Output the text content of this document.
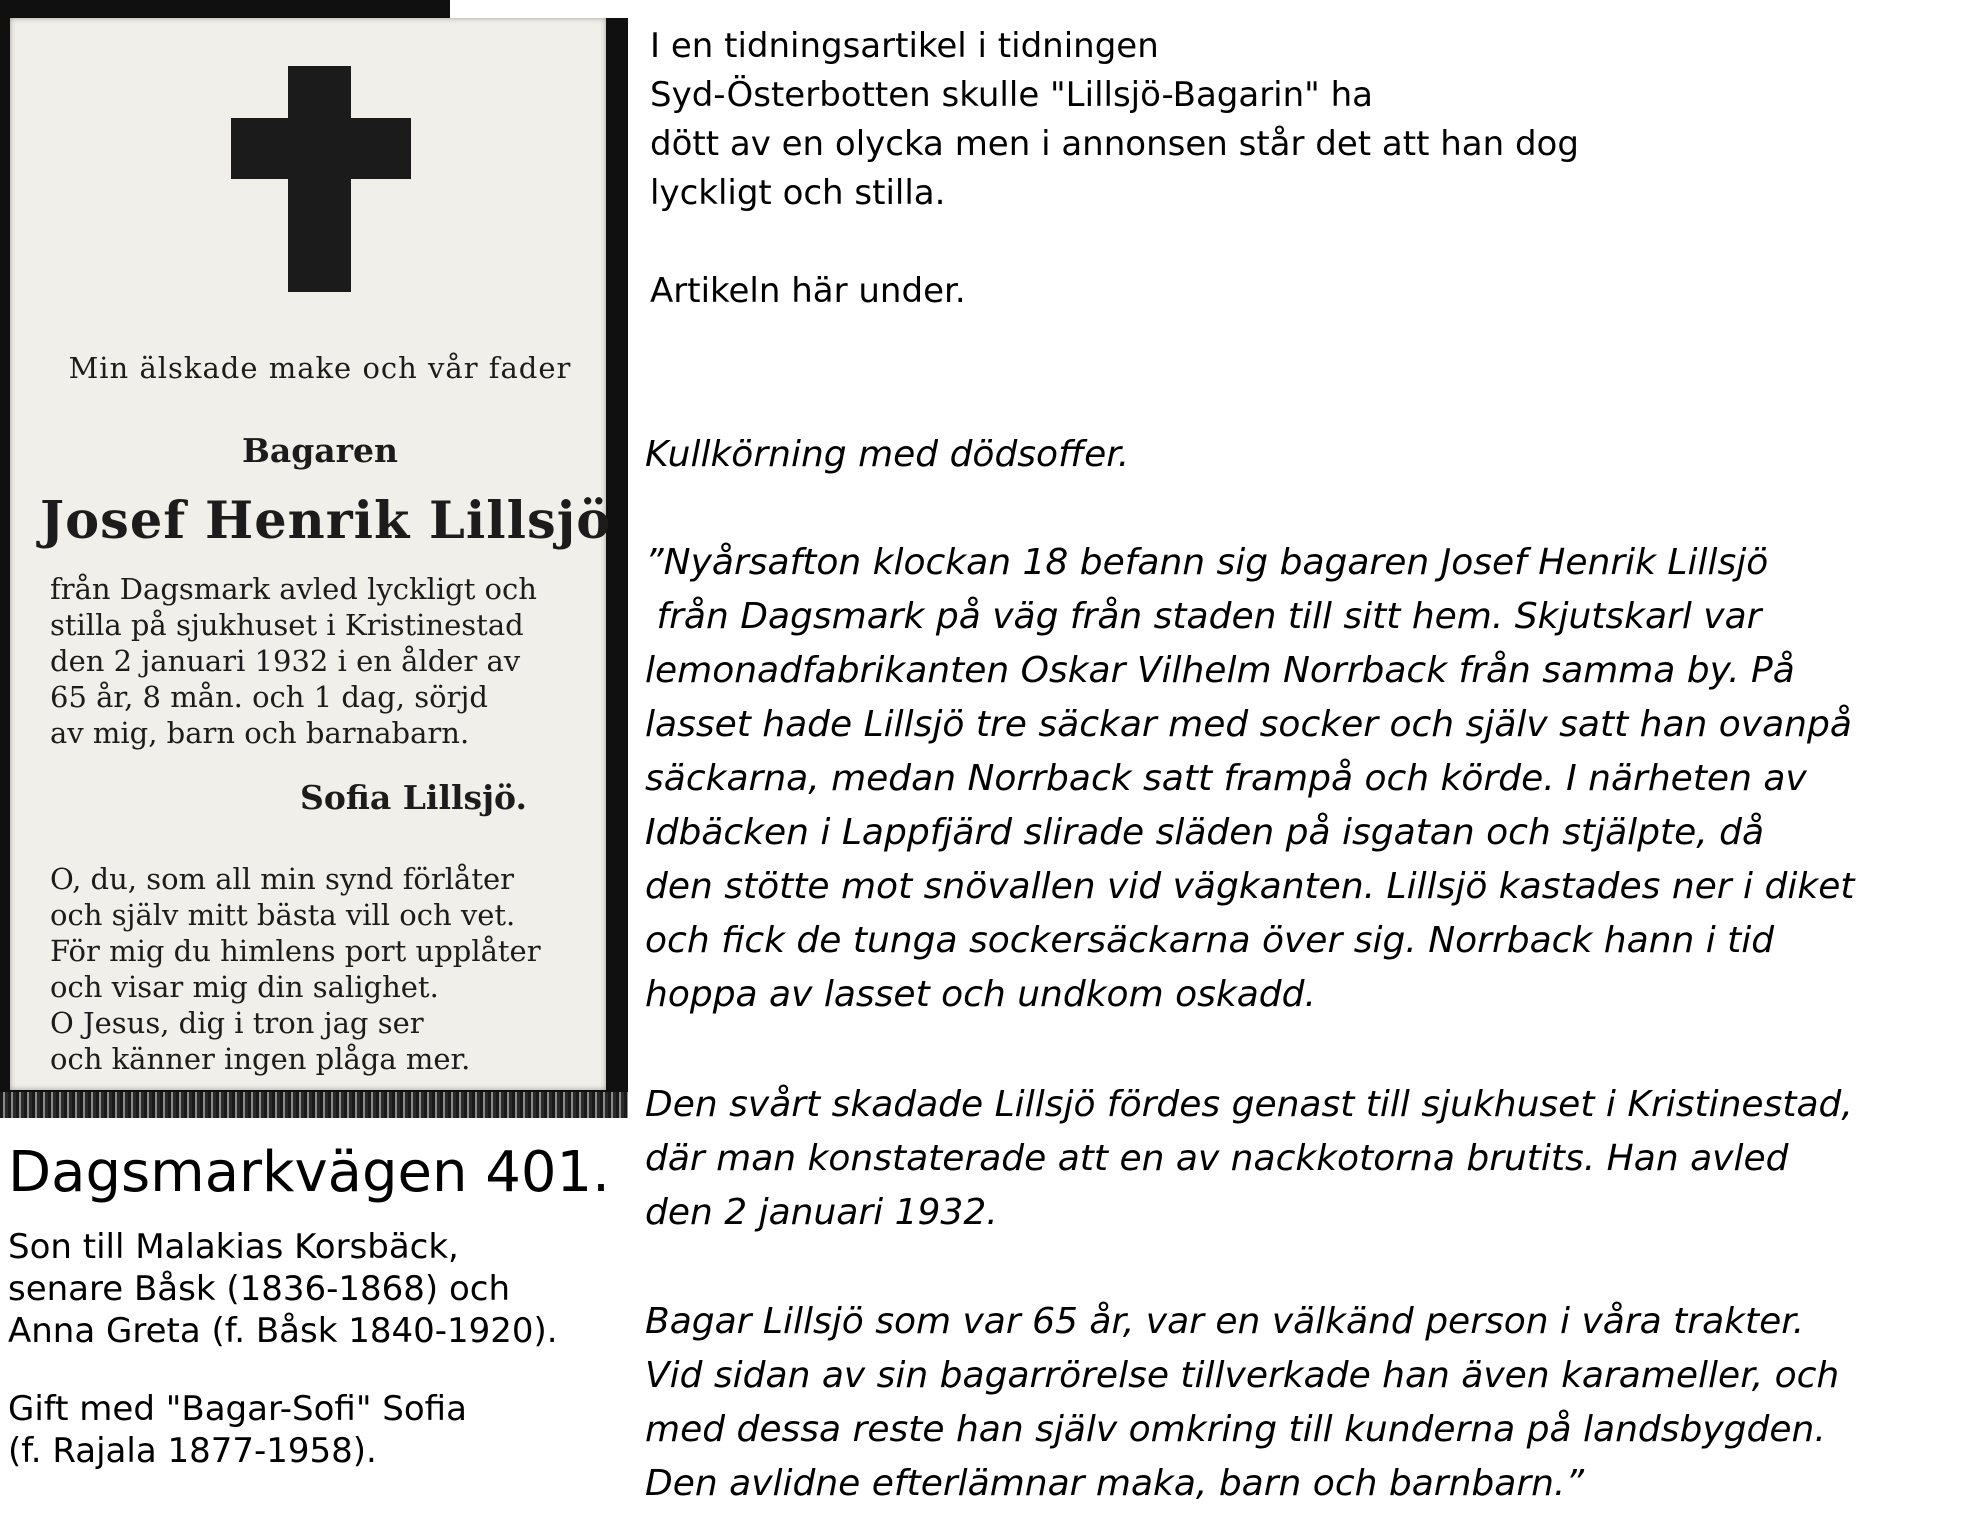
Min älskade make och vår fader
Bagaren
Josef Henrik Lillsjö
från Dagsmark avled lyckligt och
stilla på sjukhuset i Kristinestad
den 2 januari 1932 i en ålder av
65 år, 8 mån. och 1 dag, sörjd
av mig, barn och barnabarn.
Sofia Lillsjö.
O, du, som all min synd förlåter
och själv mitt bästa vill och vet.
För mig du himlens port upplåter
och visar mig din salighet.
O Jesus, dig i tron jag ser
och känner ingen plåga mer.
Dagsmarkvägen 401.
Son till Malakias Korsbäck,
senare Båsk (1836-1868) och
Anna Greta (f. Båsk 1840-1920).
Gift med "Bagar-Sofi" Sofia
(f. Rajala 1877-1958).
I en tidningsartikel i tidningen
Syd-Österbotten skulle "Lillsjö-Bagarin" ha
dött av en olycka men i annonsen står det att han dog
lyckligt och stilla.

Artikeln här under.
Kullkörning med dödsoffer.
”Nyårsafton klockan 18 befann sig bagaren Josef Henrik Lillsjö
från Dagsmark på väg från staden till sitt hem. Skjutskarl var
lemonadfabrikanten Oskar Vilhelm Norrback från samma by. På
lasset hade Lillsjö tre säckar med socker och själv satt han ovanpå
säckarna, medan Norrback satt frampå och körde. I närheten av
Idbäcken i Lappfjärd slirade släden på isgatan och stjälpte, då
den stötte mot snövallen vid vägkanten. Lillsjö kastades ner i diket
och fick de tunga sockersäckarna över sig. Norrback hann i tid
hoppa av lasset och undkom oskadd.
Den svårt skadade Lillsjö fördes genast till sjukhuset i Kristinestad,
där man konstaterade att en av nackkotorna brutits. Han avled
den 2 januari 1932.
Bagar Lillsjö som var 65 år, var en välkänd person i våra trakter.
Vid sidan av sin bagarrörelse tillverkade han även karameller, och
med dessa reste han själv omkring till kunderna på landsbygden.
Den avlidne efterlämnar maka, barn och barnbarn.”
